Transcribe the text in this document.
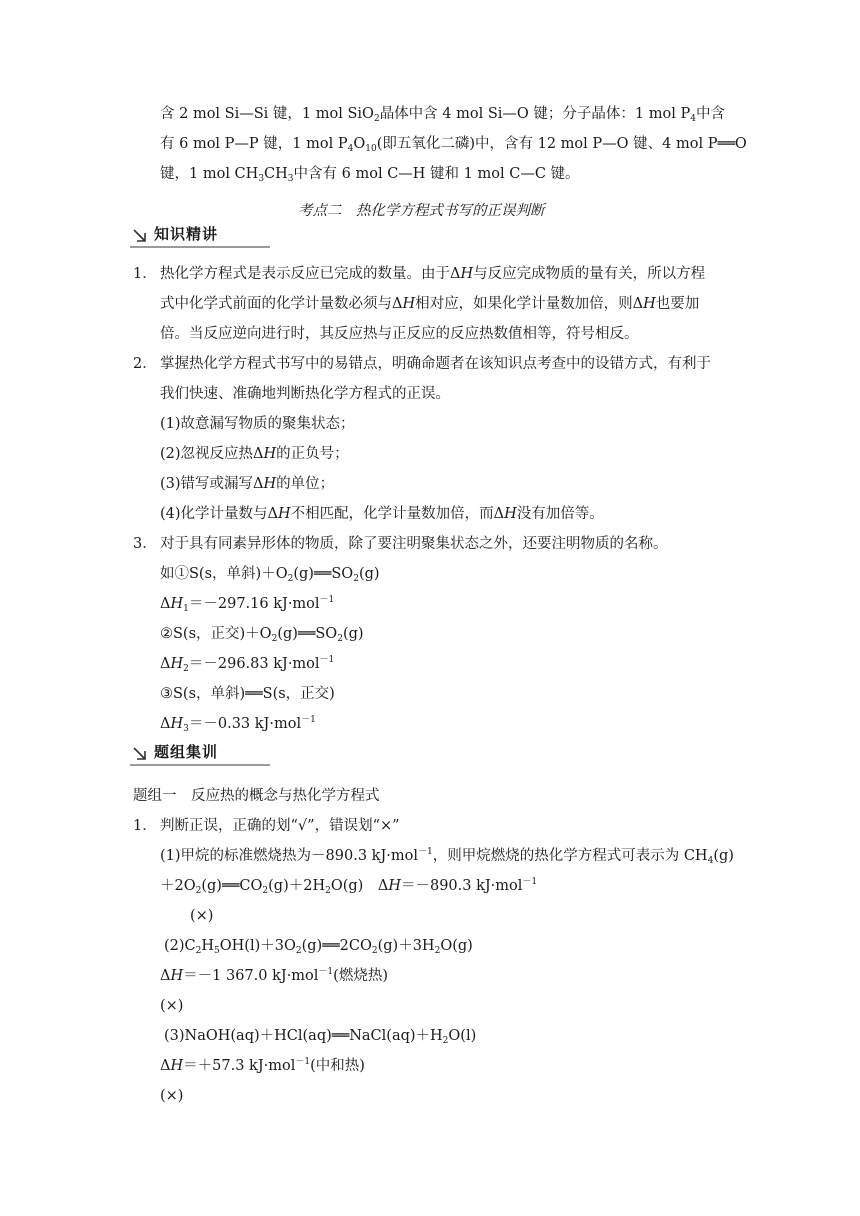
含 2 mol Si—Si 键，1 mol SiO$_2$晶体中含 4 mol Si—O 键；分子晶体：1 mol $P_4$中含
有 6 mol P—P 键，1 mol $P_4O_{10}$(即五氧化二磷)中，含有 12 mol P—O 键、4 mol P══O
键，1 mol $CH_3CH_3$中含有 6 mol C—H 键和 1 mol C—C 键。
考点二　热化学方程式书写的正误判断
知识精讲
1． 热化学方程式是表示反应已完成的数量。由于ΔH与反应完成物质的量有关，所以方程
式中化学式前面的化学计量数必须与ΔH相对应，如果化学计量数加倍，则ΔH也要加
倍。当反应逆向进行时，其反应热与正反应的反应热数值相等，符号相反。
2． 掌握热化学方程式书写中的易错点，明确命题者在该知识点考查中的设错方式，有利于
我们快速、准确地判断热化学方程式的正误。
(1)故意漏写物质的聚集状态；
(2)忽视反应热ΔH的正负号；
(3)错写或漏写ΔH的单位；
(4)化学计量数与ΔH不相匹配，化学计量数加倍，而ΔH没有加倍等。
3． 对于具有同素异形体的物质，除了要注明聚集状态之外，还要注明物质的名称。
如①S(s，单斜)$+O_2(g)══SO_2(g)$
$\Delta H_1=-297.16$ kJ·mol$^{-1}$
②S(s，正交)$+O_2(g)══SO_2(g)$
$\Delta H_2=-296.83$ kJ·mol$^{-1}$
③S(s，单斜)══S(s，正交)
$\Delta H_3=-0.33$ kJ·mol$^{-1}$
题组集训
题组一　反应热的概念与热化学方程式
1． 判断正误，正确的划“√”，错误划“×”
(1)甲烷的标准燃烧热为－890.3 kJ·mol$^{-1}$，则甲烷燃烧的热化学方程式可表示为 $CH_4(g)$
$+2O_2(g)══CO_2(g)+2H_2O(g)$　ΔH＝－890.3 kJ·mol$^{-1}$
(×)
$(2)C_2H_5OH(l)+3O_2(g)══2CO_2(g)+3H_2O(g)$
ΔH＝－1 367.0 kJ·mol$^{-1}$(燃烧热)
(×)
$(3)NaOH(aq)+HCl(aq)══NaCl(aq)+H_2O(l)$
ΔH＝＋57.3 kJ·mol$^{-1}$(中和热)
(×)
